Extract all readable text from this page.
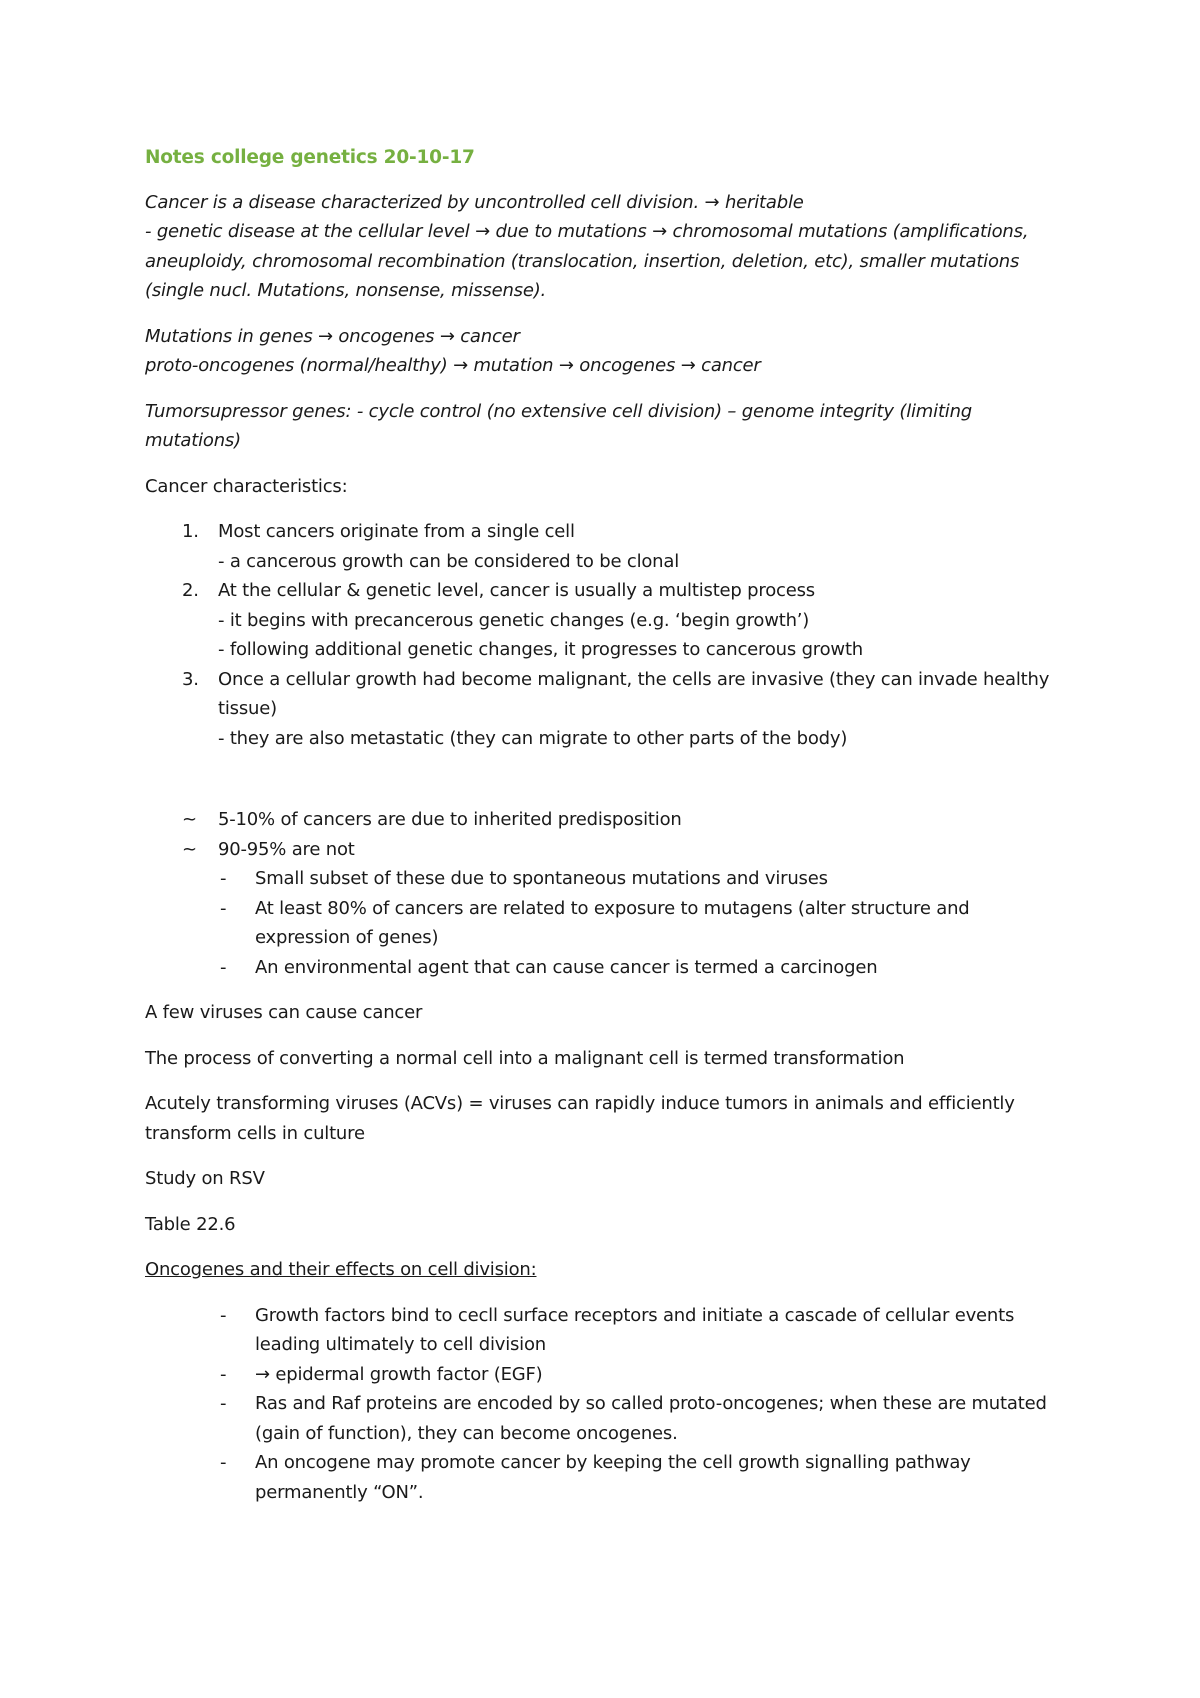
Notes college genetics 20-10-17

Cancer is a disease characterized by uncontrolled cell division. → heritable
- genetic disease at the cellular level → due to mutations → chromosomal mutations (amplifications,
aneuploidy, chromosomal recombination (translocation, insertion, deletion, etc), smaller mutations
(single nucl. Mutations, nonsense, missense).

Mutations in genes → oncogenes → cancer
proto-oncogenes (normal/healthy) → mutation → oncogenes → cancer

Tumorsupressor genes: - cycle control (no extensive cell division) – genome integrity (limiting
mutations)

Cancer characteristics:

1. Most cancers originate from a single cell
- a cancerous growth can be considered to be clonal
2. At the cellular & genetic level, cancer is usually a multistep process
- it begins with precancerous genetic changes (e.g. ‘begin growth’)
- following additional genetic changes, it progresses to cancerous growth
3. Once a cellular growth had become malignant, the cells are invasive (they can invade healthy
tissue)
- they are also metastatic (they can migrate to other parts of the body)
~ 5-10% of cancers are due to inherited predisposition
~ 90-95% are not
- Small subset of these due to spontaneous mutations and viruses
- At least 80% of cancers are related to exposure to mutagens (alter structure and
expression of genes)
- An environmental agent that can cause cancer is termed a carcinogen

A few viruses can cause cancer

The process of converting a normal cell into a malignant cell is termed transformation

Acutely transforming viruses (ACVs) = viruses can rapidly induce tumors in animals and efficiently
transform cells in culture

Study on RSV

Table 22.6

Oncogenes and their effects on cell division:

- Growth factors bind to cecll surface receptors and initiate a cascade of cellular events
leading ultimately to cell division
- → epidermal growth factor (EGF)
- Ras and Raf proteins are encoded by so called proto-oncogenes; when these are mutated
(gain of function), they can become oncogenes.
- An oncogene may promote cancer by keeping the cell growth signalling pathway
permanently “ON”.
